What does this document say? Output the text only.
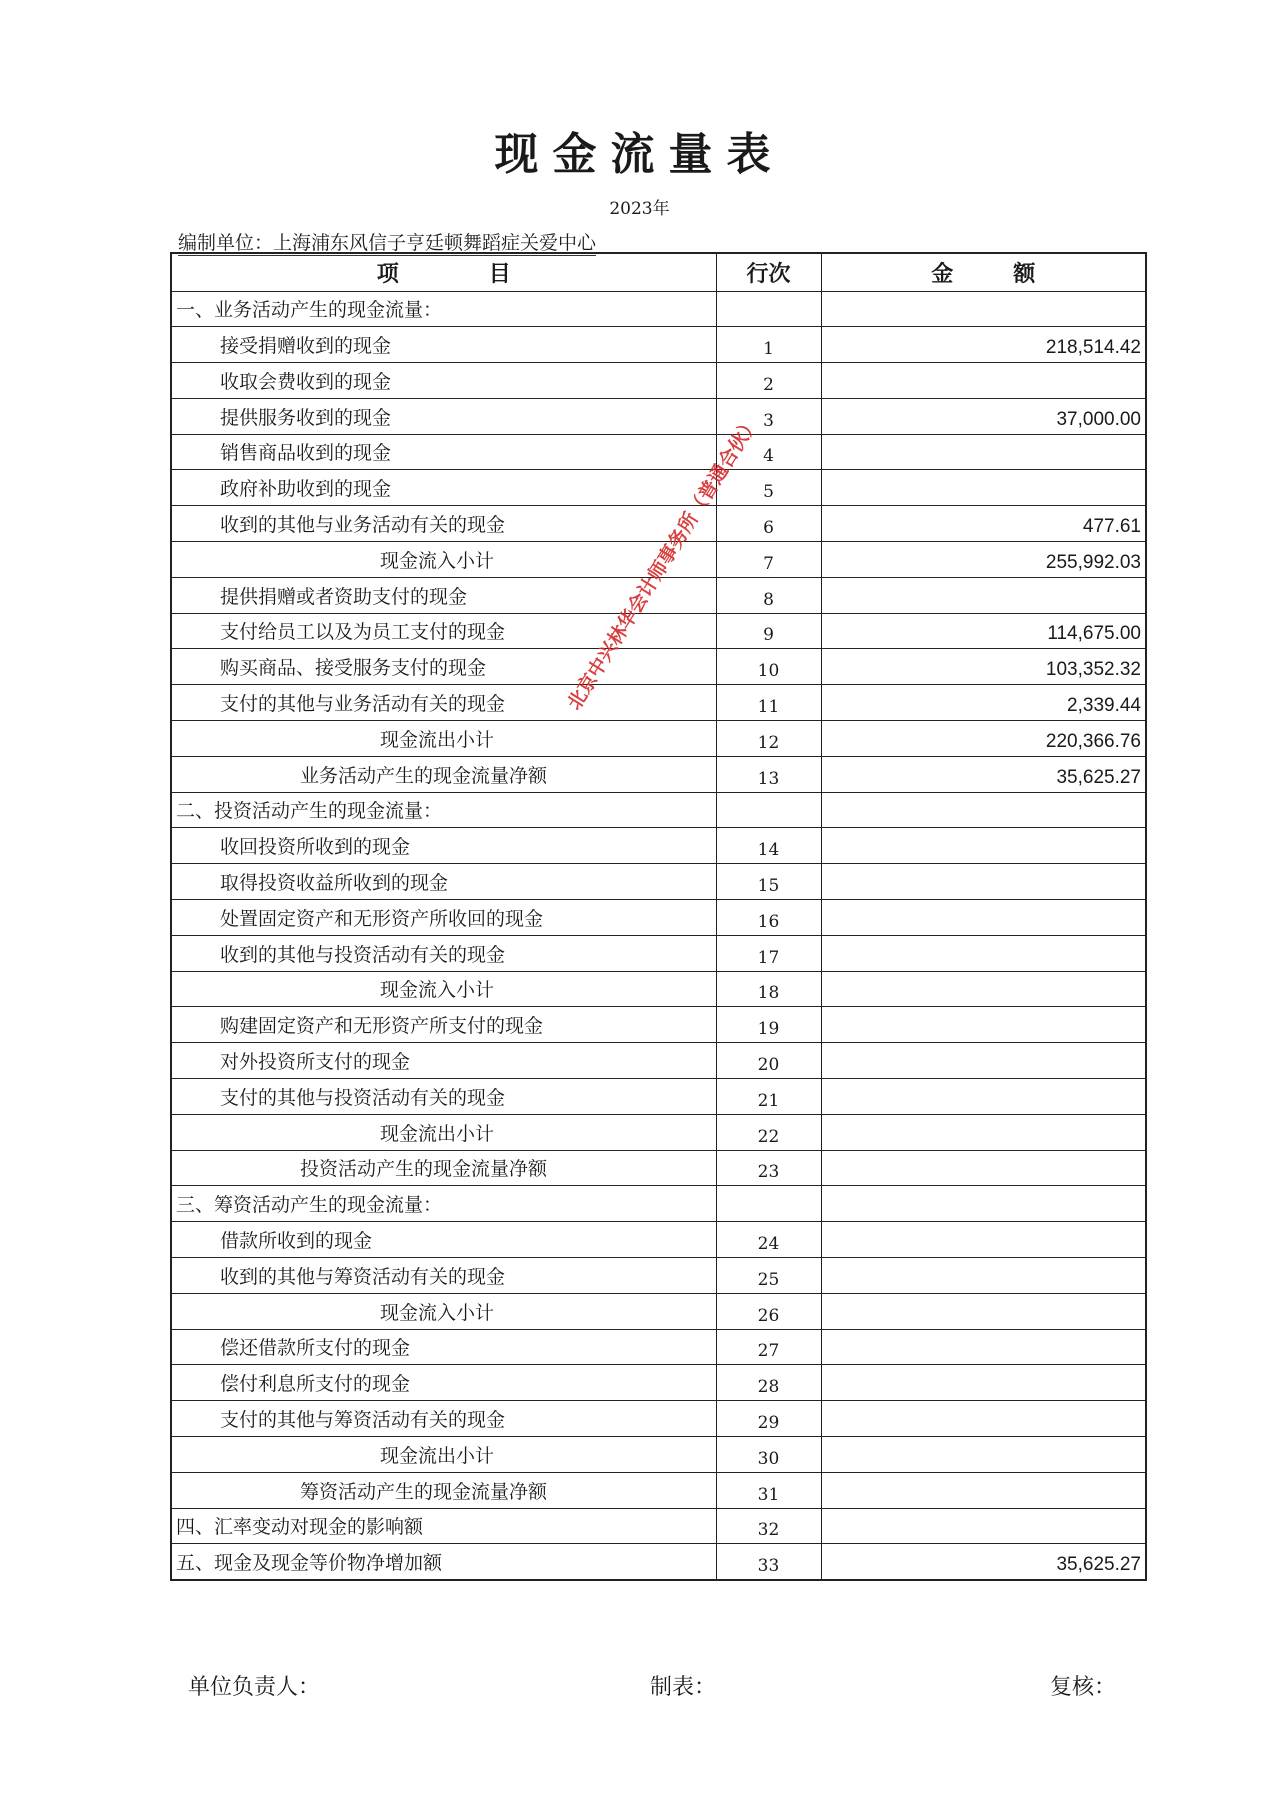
现金流量表
2023年
编制单位：上海浦东风信子亨廷顿舞蹈症关爱中心
项 目	行次	金 额
一、业务活动产生的现金流量：		
接受捐赠收到的现金	1	218,514.42
收取会费收到的现金	2	
提供服务收到的现金	3	37,000.00
销售商品收到的现金	4	
政府补助收到的现金	5	
收到的其他与业务活动有关的现金	6	477.61
现金流入小计	7	255,992.03
提供捐赠或者资助支付的现金	8	
支付给员工以及为员工支付的现金	9	114,675.00
购买商品、接受服务支付的现金	10	103,352.32
支付的其他与业务活动有关的现金	11	2,339.44
现金流出小计	12	220,366.76
业务活动产生的现金流量净额	13	35,625.27
二、投资活动产生的现金流量：		
收回投资所收到的现金	14	
取得投资收益所收到的现金	15	
处置固定资产和无形资产所收回的现金	16	
收到的其他与投资活动有关的现金	17	
现金流入小计	18	
购建固定资产和无形资产所支付的现金	19	
对外投资所支付的现金	20	
支付的其他与投资活动有关的现金	21	
现金流出小计	22	
投资活动产生的现金流量净额	23	
三、筹资活动产生的现金流量：		
借款所收到的现金	24	
收到的其他与筹资活动有关的现金	25	
现金流入小计	26	
偿还借款所支付的现金	27	
偿付利息所支付的现金	28	
支付的其他与筹资活动有关的现金	29	
现金流出小计	30	
筹资活动产生的现金流量净额	31	
四、汇率变动对现金的影响额	32	
五、现金及现金等价物净增加额	33	35,625.27
北京中兴林华会计师事务所（普通合伙）
单位负责人：	制表：	复核：
